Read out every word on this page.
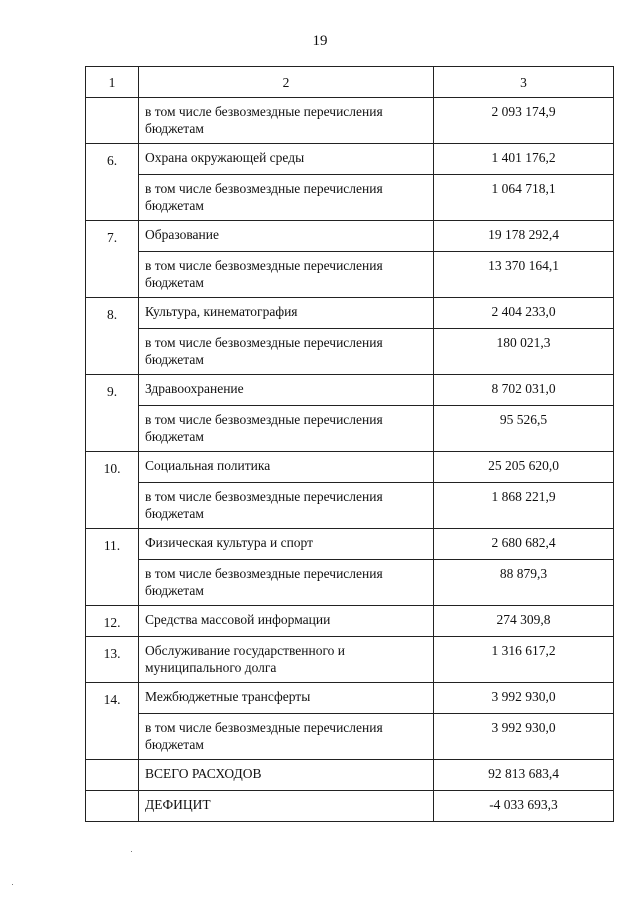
19
1	2	3
	в том числе безвозмездные перечисления бюджетам	2 093 174,9
6.	Охрана окружающей среды	1 401 176,2
	в том числе безвозмездные перечисления бюджетам	1 064 718,1
7.	Образование	19 178 292,4
	в том числе безвозмездные перечисления бюджетам	13 370 164,1
8.	Культура, кинематография	2 404 233,0
	в том числе безвозмездные перечисления бюджетам	180 021,3
9.	Здравоохранение	8 702 031,0
	в том числе безвозмездные перечисления бюджетам	95 526,5
10.	Социальная политика	25 205 620,0
	в том числе безвозмездные перечисления бюджетам	1 868 221,9
11.	Физическая культура и спорт	2 680 682,4
	в том числе безвозмездные перечисления бюджетам	88 879,3
12.	Средства массовой информации	274 309,8
13.	Обслуживание государственного и муниципального долга	1 316 617,2
14.	Межбюджетные трансферты	3 992 930,0
	в том числе безвозмездные перечисления бюджетам	3 992 930,0
	ВСЕГО РАСХОДОВ	92 813 683,4
	ДЕФИЦИТ	-4 033 693,3
